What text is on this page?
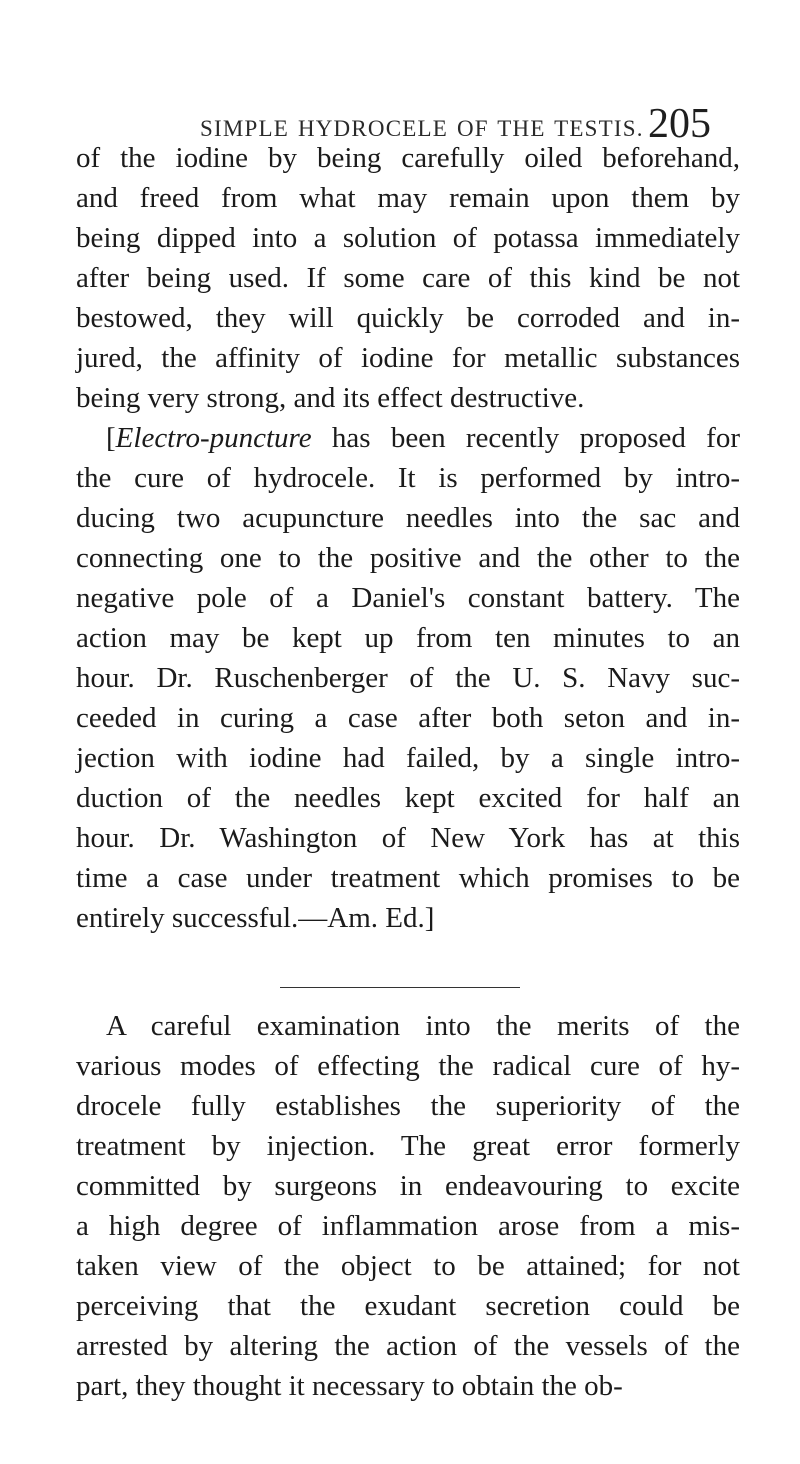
SIMPLE HYDROCELE OF THE TESTIS. 205
of the iodine by being carefully oiled beforehand,
and freed from what may remain upon them by
being dipped into a solution of potassa immediately
after being used. If some care of this kind be not
bestowed, they will quickly be corroded and in-
jured, the affinity of iodine for metallic substances
being very strong, and its effect destructive.
[Electro-puncture has been recently proposed for
the cure of hydrocele. It is performed by intro-
ducing two acupuncture needles into the sac and
connecting one to the positive and the other to the
negative pole of a Daniel's constant battery. The
action may be kept up from ten minutes to an
hour. Dr. Ruschenberger of the U. S. Navy suc-
ceeded in curing a case after both seton and in-
jection with iodine had failed, by a single intro-
duction of the needles kept excited for half an
hour. Dr. Washington of New York has at this
time a case under treatment which promises to be
entirely successful.—Am. Ed.]
A careful examination into the merits of the
various modes of effecting the radical cure of hy-
drocele fully establishes the superiority of the
treatment by injection. The great error formerly
committed by surgeons in endeavouring to excite
a high degree of inflammation arose from a mis-
taken view of the object to be attained; for not
perceiving that the exudant secretion could be
arrested by altering the action of the vessels of the
part, they thought it necessary to obtain the ob-
